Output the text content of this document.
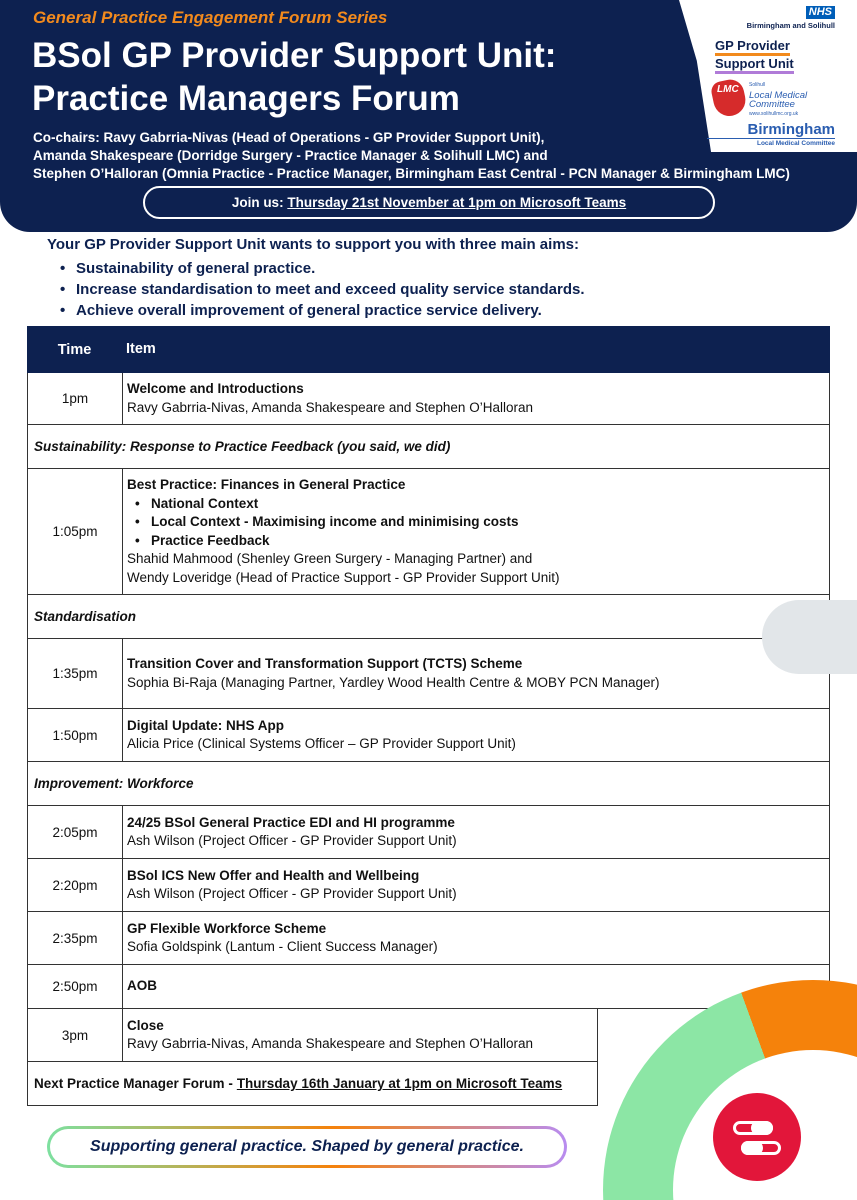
General Practice Engagement Forum Series
BSol GP Provider Support Unit:
Practice Managers Forum
Co-chairs: Ravy Gabrria-Nivas (Head of Operations - GP Provider Support Unit),
Amanda Shakespeare (Dorridge Surgery - Practice Manager & Solihull LMC) and
Stephen O’Halloran (Omnia Practice - Practice Manager, Birmingham East Central - PCN Manager & Birmingham LMC)
Join us: Thursday 21st November at 1pm on Microsoft Teams
NHS
Birmingham and Solihull
GP Provider
Support Unit
LMC Solihull
Local Medical
Committee
www.solihullmc.org.uk
Birmingham
Local Medical Committee
Your GP Provider Support Unit wants to support you with three main aims:
• Sustainability of general practice.
• Increase standardisation to meet and exceed quality service standards.
• Achieve overall improvement of general practice service delivery.
Time	Item
1pm
Welcome and Introductions
Ravy Gabrria-Nivas, Amanda Shakespeare and Stephen O’Halloran
Sustainability: Response to Practice Feedback (you said, we did)
1:05pm
Best Practice: Finances in General Practice
• National Context
• Local Context - Maximising income and minimising costs
• Practice Feedback
Shahid Mahmood (Shenley Green Surgery - Managing Partner) and
Wendy Loveridge (Head of Practice Support - GP Provider Support Unit)
Standardisation
1:35pm
Transition Cover and Transformation Support (TCTS) Scheme
Sophia Bi-Raja (Managing Partner, Yardley Wood Health Centre & MOBY PCN Manager)
1:50pm
Digital Update: NHS App
Alicia Price (Clinical Systems Officer – GP Provider Support Unit)
Improvement: Workforce
2:05pm
24/25 BSol General Practice EDI and HI programme
Ash Wilson (Project Officer - GP Provider Support Unit)
2:20pm
BSol ICS New Offer and Health and Wellbeing
Ash Wilson (Project Officer - GP Provider Support Unit)
2:35pm
GP Flexible Workforce Scheme
Sofia Goldspink (Lantum - Client Success Manager)
2:50pm	AOB
3pm
Close
Ravy Gabrria-Nivas, Amanda Shakespeare and Stephen O’Halloran
Next Practice Manager Forum - Thursday 16th January at 1pm on Microsoft Teams
Supporting general practice. Shaped by general practice.
